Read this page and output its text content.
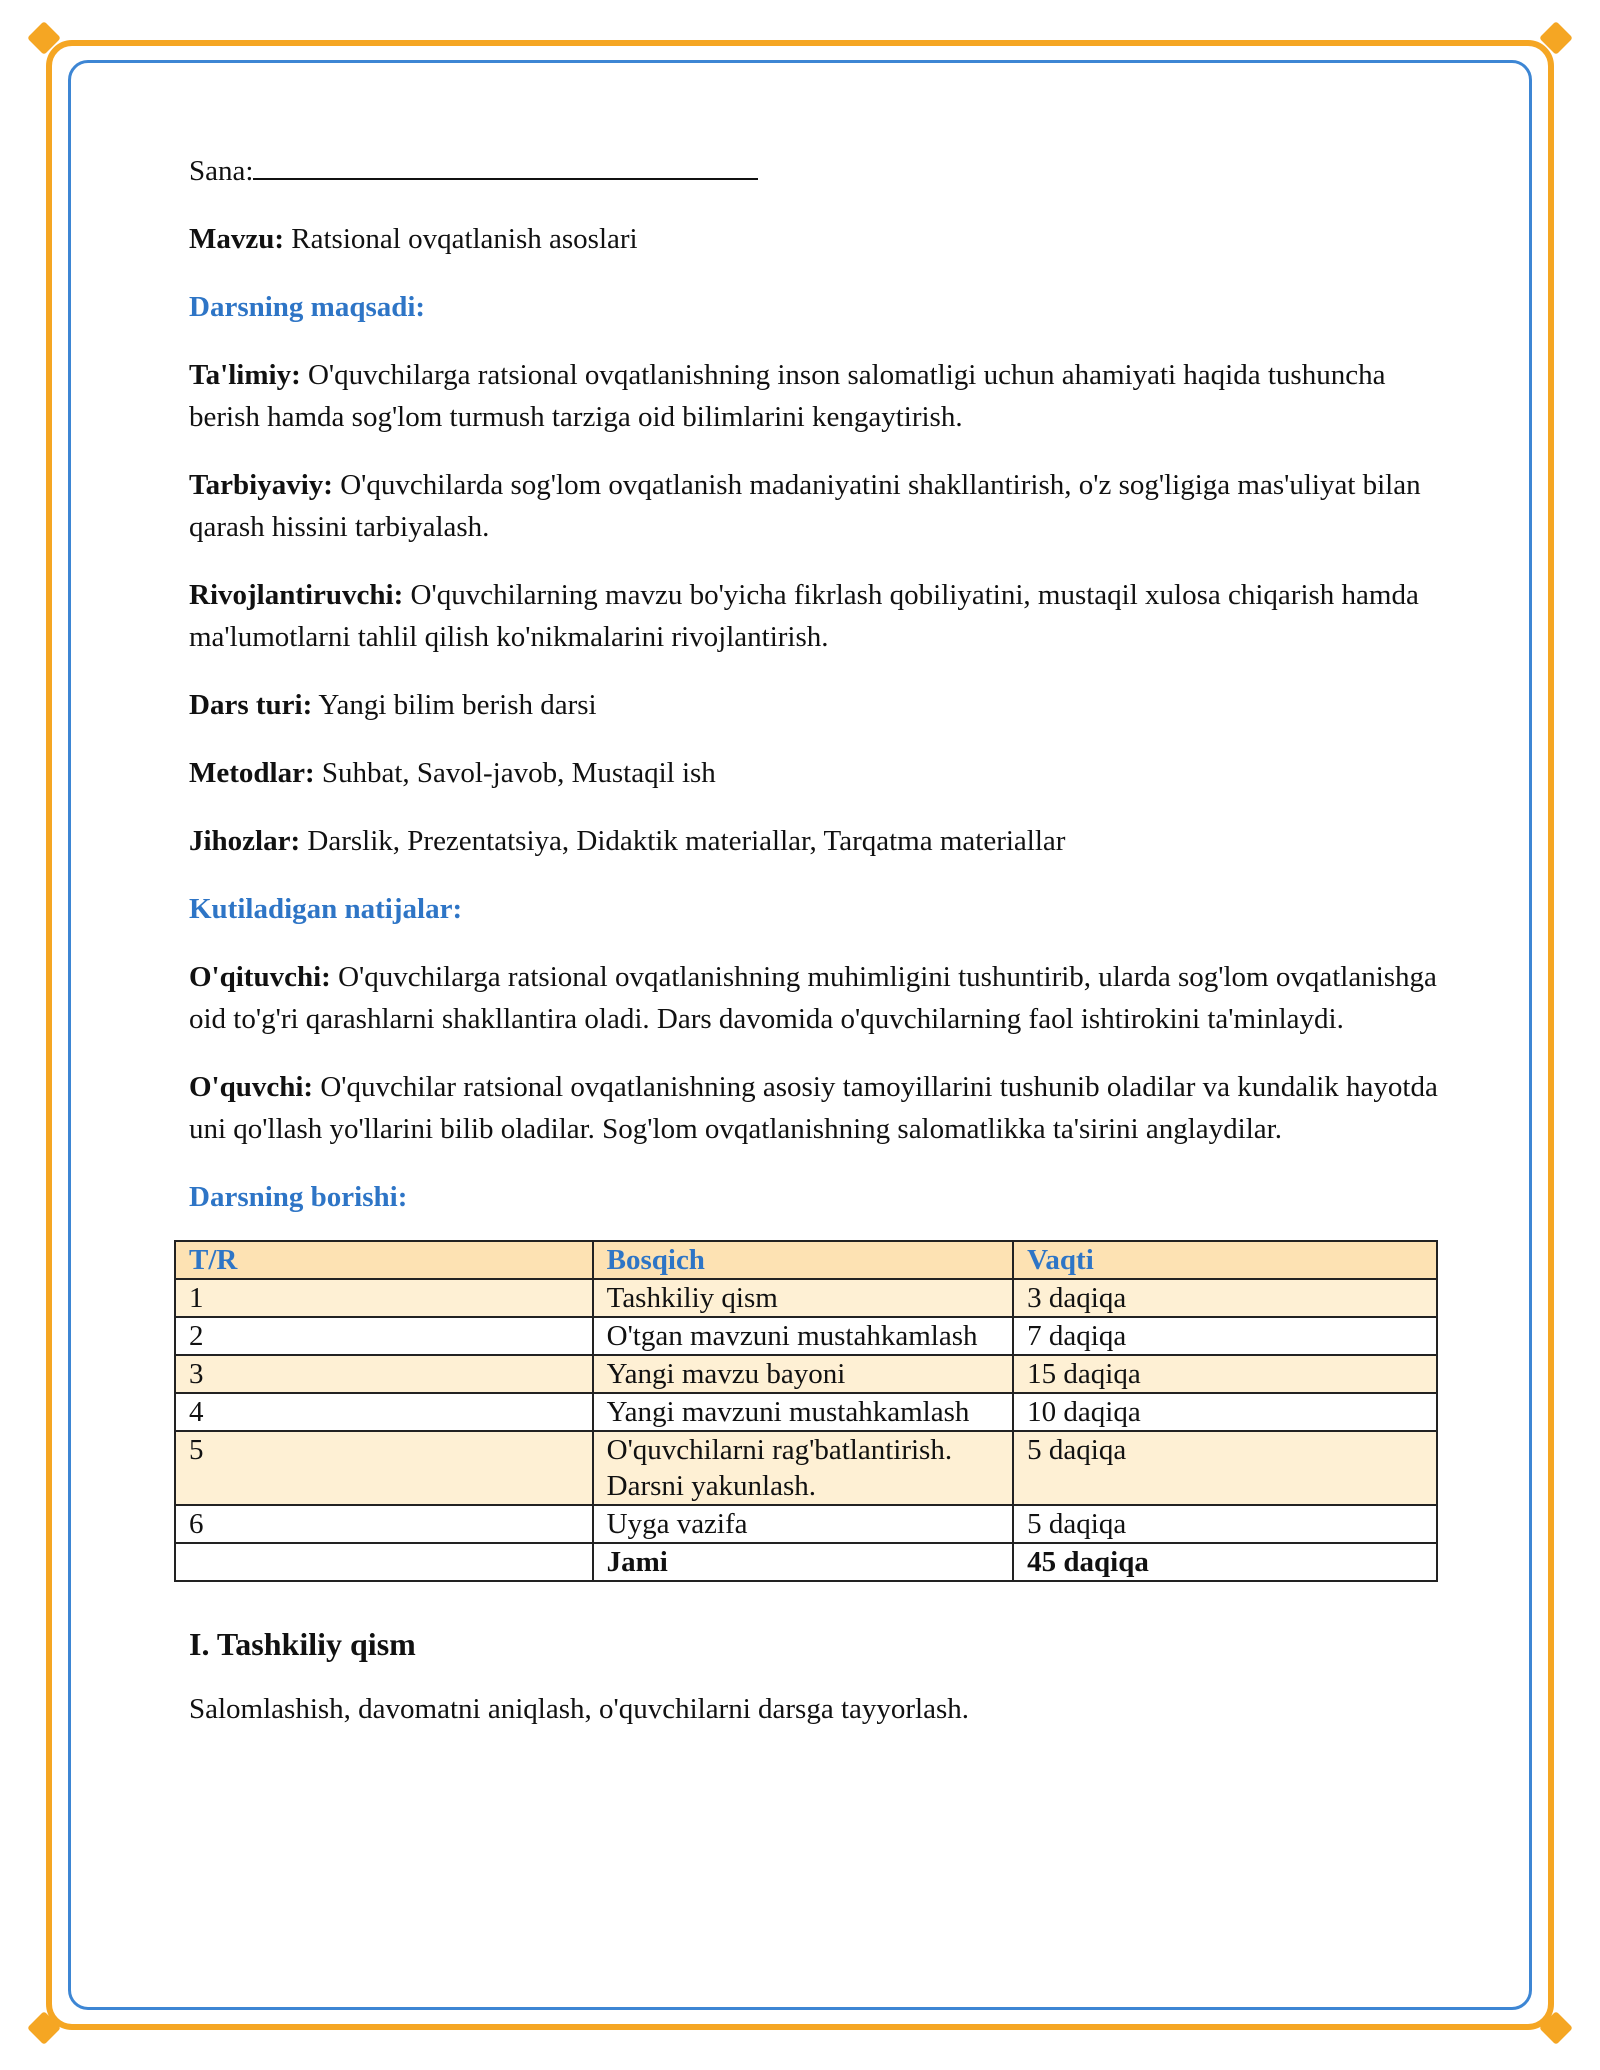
Sana:

Mavzu: Ratsional ovqatlanish asoslari

Darsning maqsadi:

Ta'limiy: O'quvchilarga ratsional ovqatlanishning inson salomatligi uchun ahamiyati haqida tushuncha berish hamda sog'lom turmush tarziga oid bilimlarini kengaytirish.

Tarbiyaviy: O'quvchilarda sog'lom ovqatlanish madaniyatini shakllantirish, o'z sog'ligiga mas'uliyat bilan qarash hissini tarbiyalash.

Rivojlantiruvchi: O'quvchilarning mavzu bo'yicha fikrlash qobiliyatini, mustaqil xulosa chiqarish hamda ma'lumotlarni tahlil qilish ko'nikmalarini rivojlantirish.

Dars turi: Yangi bilim berish darsi

Metodlar: Suhbat, Savol-javob, Mustaqil ish

Jihozlar: Darslik, Prezentatsiya, Didaktik materiallar, Tarqatma materiallar

Kutiladigan natijalar:

O'qituvchi: O'quvchilarga ratsional ovqatlanishning muhimligini tushuntirib, ularda sog'lom ovqatlanishga oid to'g'ri qarashlarni shakllantira oladi. Dars davomida o'quvchilarning faol ishtirokini ta'minlaydi.

O'quvchi: O'quvchilar ratsional ovqatlanishning asosiy tamoyillarini tushunib oladilar va kundalik hayotda uni qo'llash yo'llarini bilib oladilar. Sog'lom ovqatlanishning salomatlikka ta'sirini anglaydilar.

Darsning borishi:

T/R	Bosqich	Vaqti
1	Tashkiliy qism	3 daqiqa
2	O'tgan mavzuni mustahkamlash	7 daqiqa
3	Yangi mavzu bayoni	15 daqiqa
4	Yangi mavzuni mustahkamlash	10 daqiqa
5	O'quvchilarni rag'batlantirish. Darsni yakunlash.	5 daqiqa
6	Uyga vazifa	5 daqiqa
	Jami	45 daqiqa
I. Tashkiliy qism

Salomlashish, davomatni aniqlash, o'quvchilarni darsga tayyorlash.
